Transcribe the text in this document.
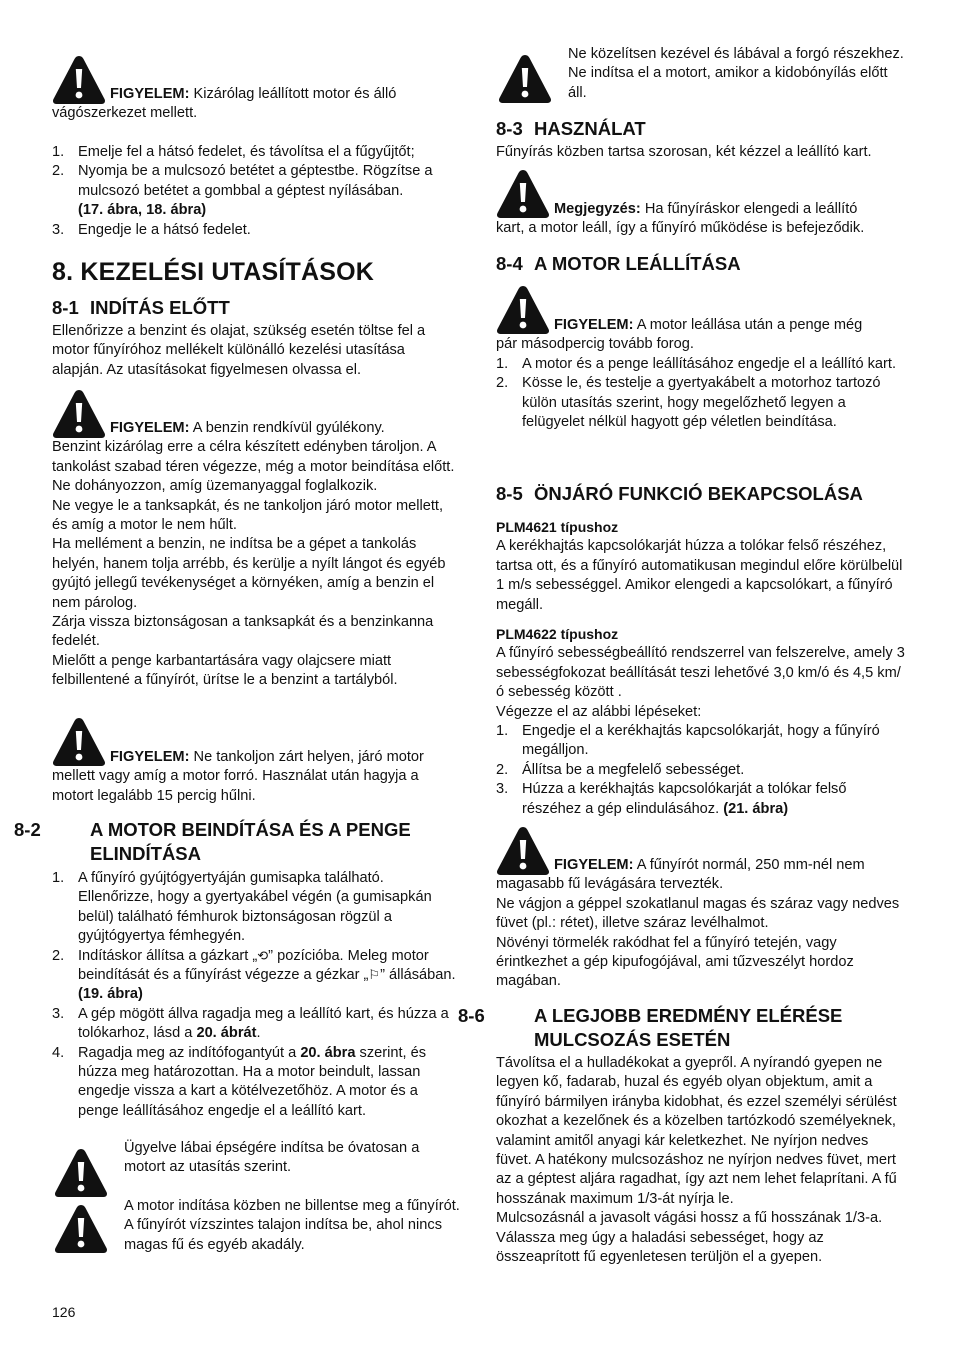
FIGYELEM: Kizárólag leállított motor és álló

vágószerkezet mellett.

1. Emelje fel a hátsó fedelet, és távolítsa el a fűgyűjtőt;
2. Nyomja be a mulcsozó betétet a géptestbe. Rögzítse a mulcsozó betétet a gombbal a géptest nyílásában.
(17. ábra, 18. ábra)
3. Engedje le a hátsó fedelet.
8. KEZELÉSI UTASÍTÁSOK
8-1 INDÍTÁS ELŐTT

Ellenőrizze a benzint és olajat, szükség esetén töltse fel a motor fűnyíróhoz mellékelt különálló kezelési utasítása alapján. Az utasításokat figyelmesen olvassa el.

FIGYELEM: A benzin rendkívül gyúlékony.

Benzint kizárólag erre a célra készített edényben tároljon. A tankolást szabad téren végezze, még a motor beindítása előtt. Ne dohányozzon, amíg üzemanyaggal foglalkozik.

Ne vegye le a tanksapkát, és ne tankoljon járó motor mellett, és amíg a motor le nem hűlt.

Ha mellément a benzin, ne indítsa be a gépet a tankolás helyén, hanem tolja arrébb, és kerülje a nyílt lángot és egyéb gyújtó jellegű tevékenységet a környéken, amíg a benzin el nem párolog.

Zárja vissza biztonságosan a tanksapkát és a benzinkanna fedelét.

Mielőtt a penge karbantartására vagy olajcsere miatt felbillentené a fűnyírót, ürítse le a benzint a tartályból.

FIGYELEM: Ne tankoljon zárt helyen, járó motor

mellett vagy amíg a motor forró. Használat után hagyja a motort legalább 15 percig hűlni.

8-2	A MOTOR BEINDÍTÁSA ÉS A PENGE ELINDÍTÁSA
1. A fűnyíró gyújtógyertyáján gumisapka található. Ellenőrizze, hogy a gyertyakábel végén (a gumisapkán belül) található fémhurok biztonságosan rögzül a gyújtógyertya fémhegyén.
2. Indításkor állítsa a gázkart „⟲” pozícióba. Meleg motor beindítását és a fűnyírást végezze a gézkar „⚐” állásában. (19. ábra)
3. A gép mögött állva ragadja meg a leállító kart, és húzza a tolókarhoz, lásd a 20. ábrát.
4. Ragadja meg az indítófogantyút a 20. ábra szerint, és húzza meg határozottan. Ha a motor beindult, lassan engedje vissza a kart a kötélvezetőhöz. A motor és a penge leállításához engedje el a leállító kart.

Ügyelve lábai épségére indítsa be óvatosan a motort az utasítás szerint.

A motor indítása közben ne billentse meg a fűnyírót. A fűnyírót vízszintes talajon indítsa be, ahol nincs magas fű és egyéb akadály.

126

Ne közelítsen kezével és lábával a forgó részekhez. Ne indítsa el a motort, amikor a kidobónyílás előtt áll.

8-3 HASZNÁLAT

Fűnyírás közben tartsa szorosan, két kézzel a leállító kart.

Megjegyzés: Ha fűnyíráskor elengedi a leállító

kart, a motor leáll, így a fűnyíró működése is befejeződik.

8-4 A MOTOR LEÁLLÍTÁSA

FIGYELEM: A motor leállása után a penge még

pár másodpercig tovább forog.

1. A motor és a penge leállításához engedje el a leállító kart.
2. Kösse le, és testelje a gyertyakábelt a motorhoz tartozó külön utasítás szerint, hogy megelőzhető legyen a felügyelet nélkül hagyott gép véletlen beindítása.
8-5 ÖNJÁRÓ FUNKCIÓ BEKAPCSOLÁSA

PLM4621 típushoz

A kerékhajtás kapcsolókarját húzza a tolókar felső részéhez, tartsa ott, és a fűnyíró automatikusan megindul előre körülbelül 1 m/s sebességgel. Amikor elengedi a kapcsolókart, a fűnyíró megáll.

PLM4622 típushoz

A fűnyíró sebességbeállító rendszerrel van felszerelve, amely 3 sebességfokozat beállítását teszi lehetővé 3,0 km/ó és 4,5 km/ó sebesség között .

Végezze el az alábbi lépéseket:

1. Engedje el a kerékhajtás kapcsolókarját, hogy a fűnyíró megálljon.
2. Állítsa be a megfelelő sebességet.
3. Húzza a kerékhajtás kapcsolókarját a tolókar felső részéhez a gép elindulásához. (21. ábra)

FIGYELEM: A fűnyírót normál, 250 mm-nél nem

magasabb fű levágására tervezték.

Ne vágjon a géppel szokatlanul magas és száraz vagy nedves füvet (pl.: rétet), illetve száraz levélhalmot.

Növényi törmelék rakódhat fel a fűnyíró tetején, vagy érintkezhet a gép kipufogójával, ami tűzveszélyt hordoz magában.

8-6	A LEGJOBB EREDMÉNY ELÉRÉSE MULCSOZÁS ESETÉN

Távolítsa el a hulladékokat a gyepről. A nyírandó gyepen ne legyen kő, fadarab, huzal és egyéb olyan objektum, amit a fűnyíró bármilyen irányba kidobhat, és ezzel személyi sérülést okozhat a kezelőnek és a közelben tartózkodó személyeknek, valamint amitől anyagi kár keletkezhet. Ne nyírjon nedves füvet. A hatékony mulcsozáshoz ne nyírjon nedves füvet, mert az a géptest aljára ragadhat, így azt nem lehet felaprítani. A fű hosszának maximum 1/3-át nyírja le.

Mulcsozásnál a javasolt vágási hossz a fű hosszának 1/3-a. Válassza meg úgy a haladási sebességet, hogy az összeaprított fű egyenletesen terüljön el a gyepen.
